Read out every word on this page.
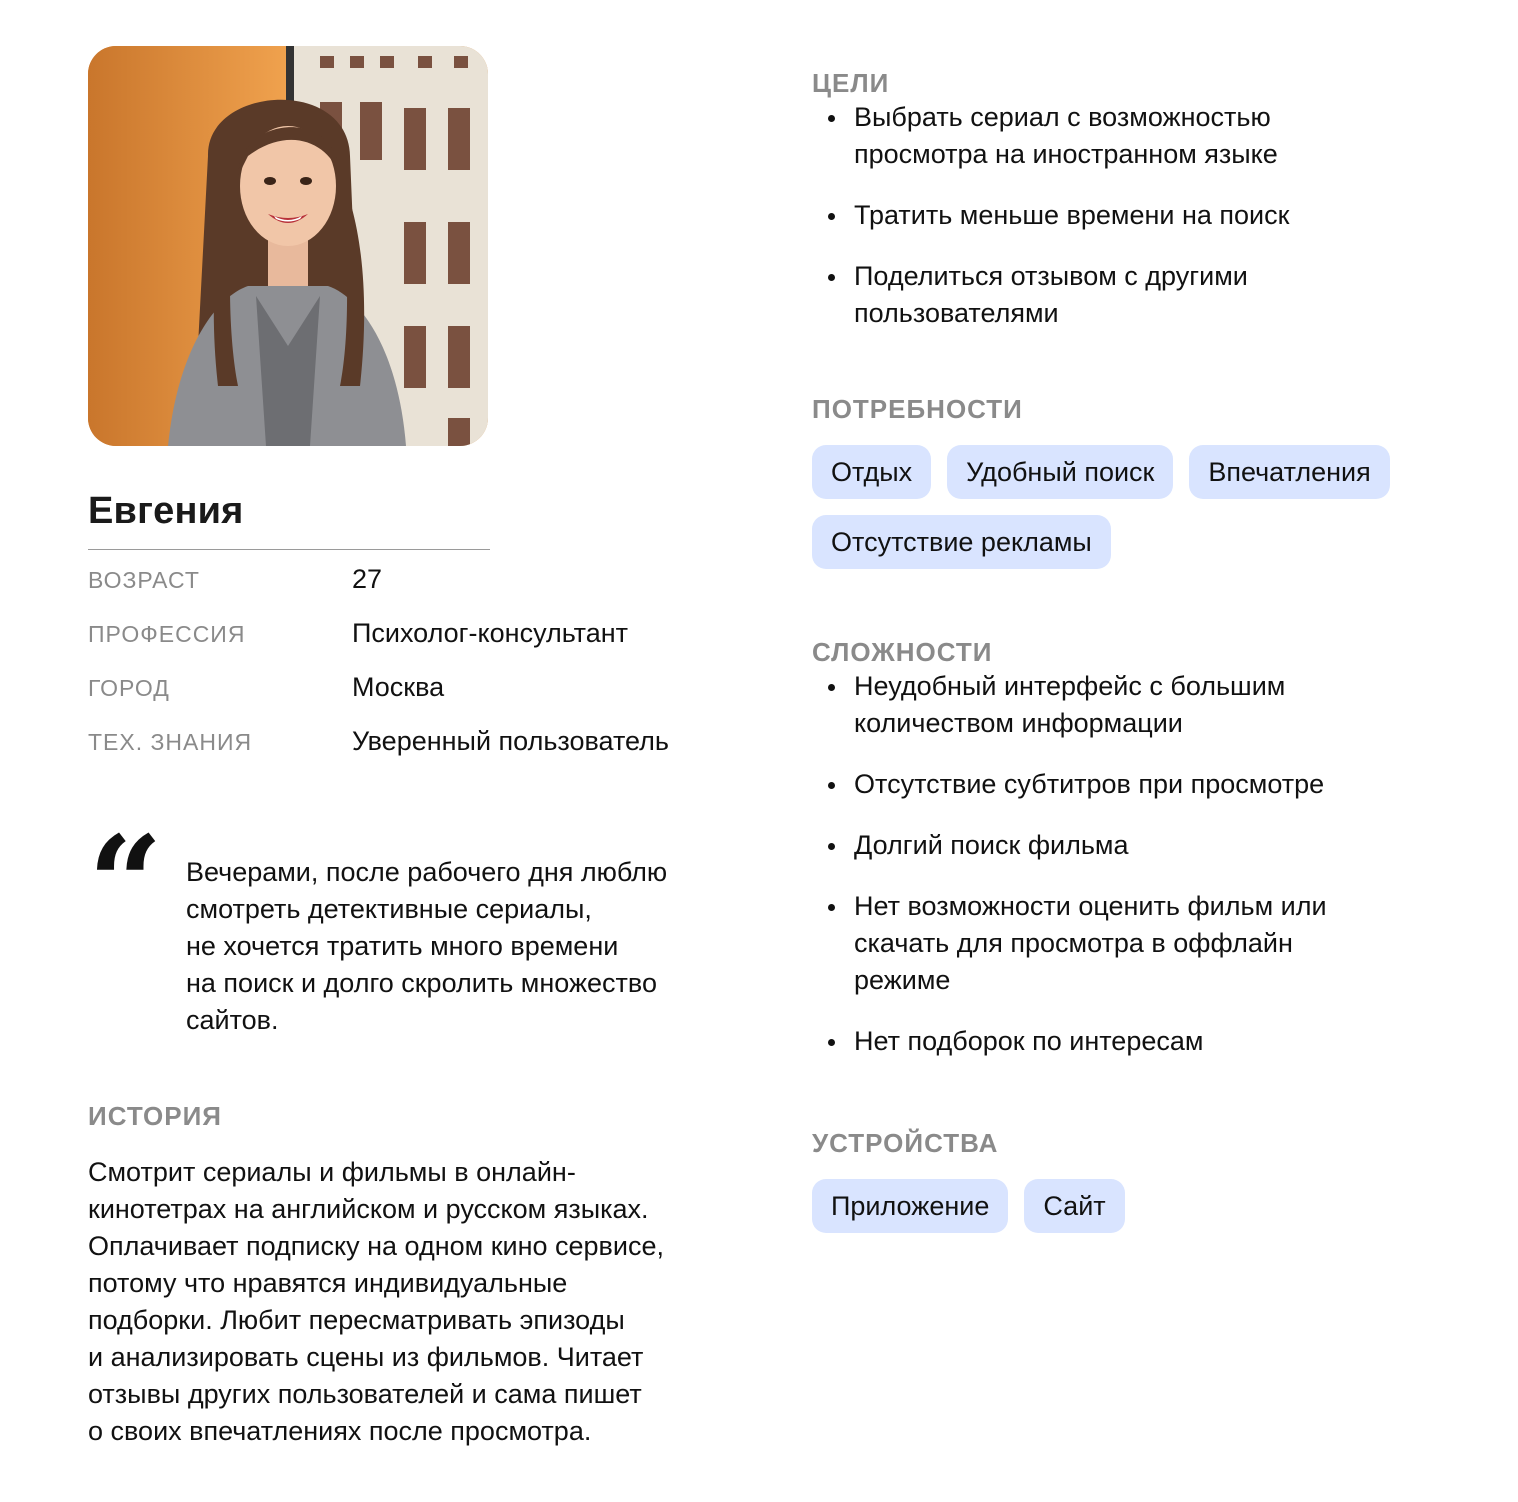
Евгения
ВОЗРАСТ	27
ПРОФЕССИЯ	Психолог-консультант
ГОРОД	Москва
ТЕХ. ЗНАНИЯ	Уверенный пользователь
“ Вечерами, после рабочего дня люблю
смотреть детективные сериалы,
не хочется тратить много времени
на поиск и долго скролить множество
сайтов.
ИСТОРИЯ
Смотрит сериалы и фильмы в онлайн-
кинотетрах на английском и русском языках.
Оплачивает подписку на одном кино сервисе,
потому что нравятся индивидуальные
подборки. Любит пересматривать эпизоды
и анализировать сцены из фильмов. Читает
отзывы других пользователей и сама пишет
о своих впечатлениях после просмотра.
ЦЕЛИ
Выбрать сериал с возможностью
просмотра на иностранном языке
Тратить меньше времени на поиск
Поделиться отзывом с другими
пользователями
ПОТРЕБНОСТИ
Отдых	Удобный поиск	Впечатления
Отсутствие рекламы
СЛОЖНОСТИ
Неудобный интерфейс с большим
количеством информации
Отсутствие субтитров при просмотре
Долгий поиск фильма
Нет возможности оценить фильм или
скачать для просмотра в оффлайн
режиме
Нет подборок по интересам
УСТРОЙСТВА
Приложение	Сайт
